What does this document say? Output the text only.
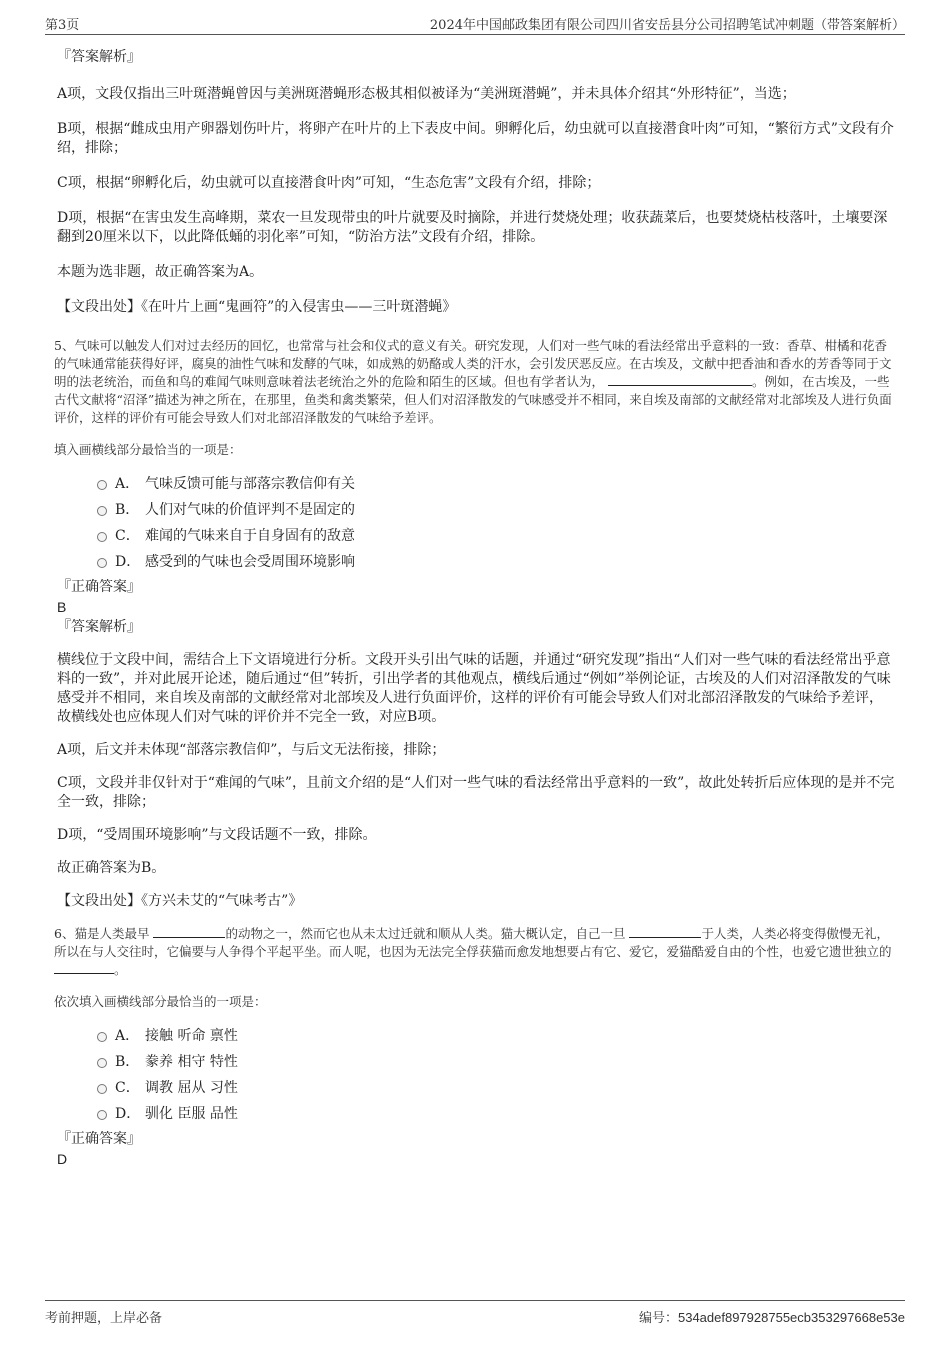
第3页	2024年中国邮政集团有限公司四川省安岳县分公司招聘笔试冲刺题（带答案解析）
『答案解析』

A项，文段仅指出三叶斑潜蝇曾因与美洲斑潜蝇形态极其相似被译为“美洲斑潜蝇”，并未具体介绍其“外形特征”，当选；

B项，根据“雌成虫用产卵器划伤叶片，将卵产在叶片的上下表皮中间。卵孵化后，幼虫就可以直接潜食叶肉”可知，“繁衍方式”文段有介绍，排除；

C项，根据“卵孵化后，幼虫就可以直接潜食叶肉”可知，“生态危害”文段有介绍，排除；

D项，根据“在害虫发生高峰期，菜农一旦发现带虫的叶片就要及时摘除，并进行焚烧处理；收获蔬菜后，也要焚烧枯枝落叶，土壤要深翻到20厘米以下，以此降低蛹的羽化率”可知，“防治方法”文段有介绍，排除。

本题为选非题，故正确答案为A。

【文段出处】《在叶片上画“鬼画符”的入侵害虫——三叶斑潜蝇》

5、气味可以触发人们对过去经历的回忆，也常常与社会和仪式的意义有关。研究发现，人们对一些气味的看法经常出乎意料的一致：香草、柑橘和花香的气味通常能获得好评，腐臭的油性气味和发酵的气味，如成熟的奶酪或人类的汗水，会引发厌恶反应。在古埃及，文献中把香油和香水的芳香等同于文明的法老统治，而鱼和鸟的难闻气味则意味着法老统治之外的危险和陌生的区域。但也有学者认为，	。例如，在古埃及，一些古代文献将“沼泽”描述为神之所在，在那里，鱼类和禽类繁荣，但人们对沼泽散发的气味感受并不相同，来自埃及南部的文献经常对北部埃及人进行负面评价，这样的评价有可能会导致人们对北部沼泽散发的气味给予差评。

填入画横线部分最恰当的一项是：

A． 气味反馈可能与部落宗教信仰有关
B． 人们对气味的价值评判不是固定的
C． 难闻的气味来自于自身固有的敌意
D． 感受到的气味也会受周围环境影响
『正确答案』
B
『答案解析』

横线位于文段中间，需结合上下文语境进行分析。文段开头引出气味的话题，并通过“研究发现”指出“人们对一些气味的看法经常出乎意料的一致”，并对此展开论述，随后通过“但”转折，引出学者的其他观点，横线后通过“例如”举例论证，古埃及的人们对沼泽散发的气味感受并不相同，来自埃及南部的文献经常对北部埃及人进行负面评价，这样的评价有可能会导致人们对北部沼泽散发的气味给予差评，故横线处也应体现人们对气味的评价并不完全一致，对应B项。

A项，后文并未体现“部落宗教信仰”，与后文无法衔接，排除；

C项，文段并非仅针对于“难闻的气味”，且前文介绍的是“人们对一些气味的看法经常出乎意料的一致”，故此处转折后应体现的是并不完全一致，排除；

D项，“受周围环境影响”与文段话题不一致，排除。

故正确答案为B。

【文段出处】《方兴未艾的“气味考古”》

6、猫是人类最早	的动物之一，然而它也从未太过迁就和顺从人类。猫大概认定，自己一旦	于人类，人类必将变得傲慢无礼，所以在与人交往时，它偏要与人争得个平起平坐。而人呢，也因为无法完全俘获猫而愈发地想要占有它、爱它，爱猫酷爱自由的个性，也爱它遗世独立的 。

依次填入画横线部分最恰当的一项是：

A． 接触 听命 禀性
B． 豢养 相守 特性
C． 调教 屈从 习性
D． 驯化 臣服 品性
『正确答案』
D
考前押题，上岸必备	编号：534adef897928755ecb353297668e53e
